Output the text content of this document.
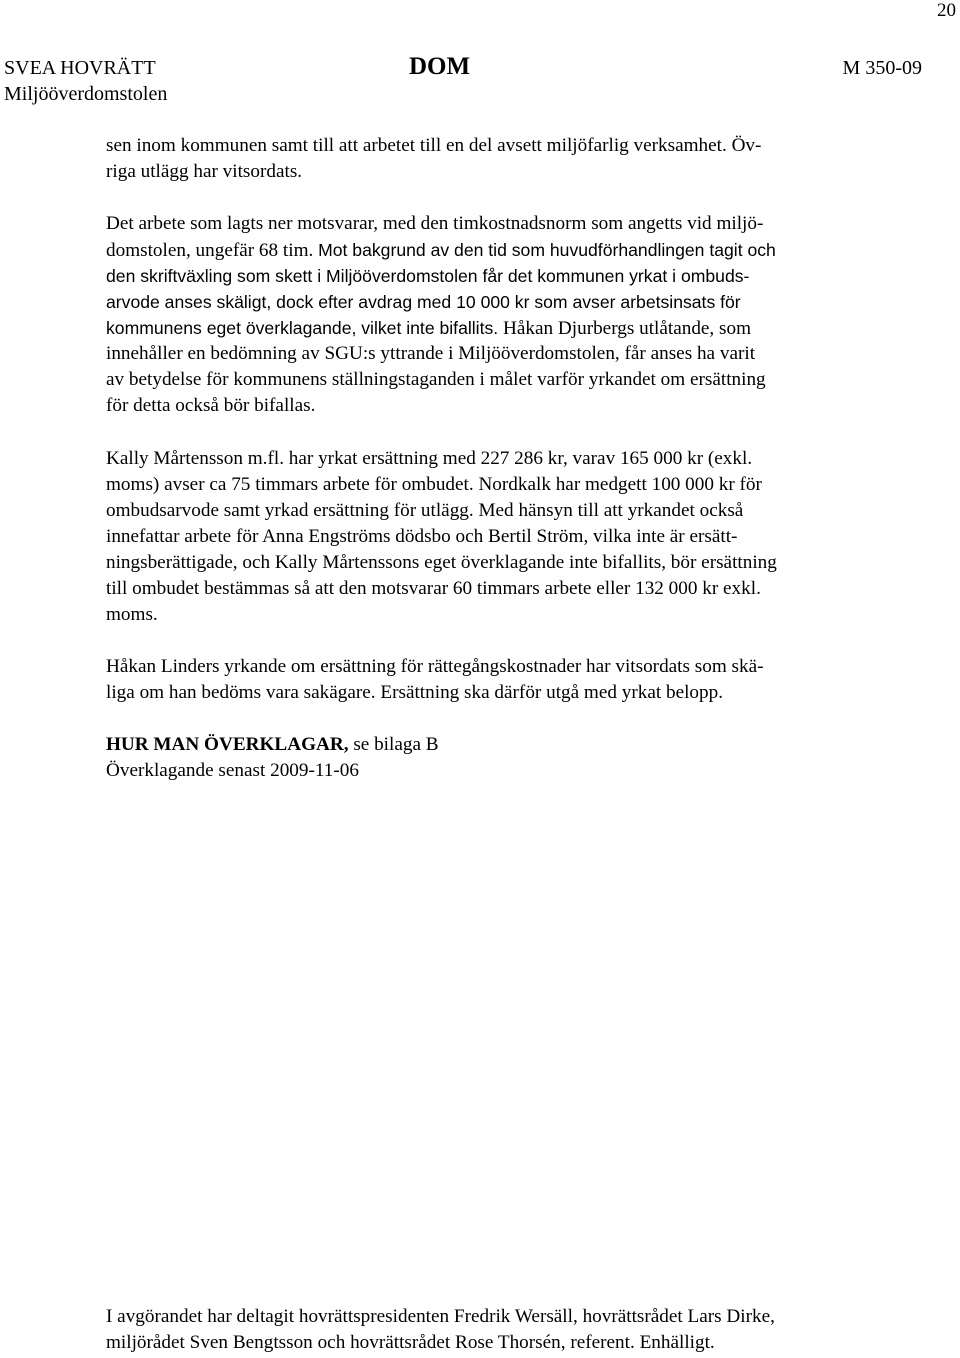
20
SVEA HOVRÄTT	DOM	M 350-09
Miljööverdomstolen
sen inom kommunen samt till att arbetet till en del avsett miljöfarlig verksamhet. Öv-
riga utlägg har vitsordats.
Det arbete som lagts ner motsvarar, med den timkostnadsnorm som angetts vid miljö-
domstolen, ungefär 68 tim. Mot bakgrund av den tid som huvudförhandlingen tagit och
den skriftväxling som skett i Miljööverdomstolen får det kommunen yrkat i ombuds-
arvode anses skäligt, dock efter avdrag med 10 000 kr som avser arbetsinsats för
kommunens eget överklagande, vilket inte bifallits. Håkan Djurbergs utlåtande, som
innehåller en bedömning av SGU:s yttrande i Miljööverdomstolen, får anses ha varit
av betydelse för kommunens ställningstaganden i målet varför yrkandet om ersättning
för detta också bör bifallas.
Kally Mårtensson m.fl. har yrkat ersättning med 227 286 kr, varav 165 000 kr (exkl.
moms) avser ca 75 timmars arbete för ombudet. Nordkalk har medgett 100 000 kr för
ombudsarvode samt yrkad ersättning för utlägg. Med hänsyn till att yrkandet också
innefattar arbete för Anna Engströms dödsbo och Bertil Ström, vilka inte är ersätt-
ningsberättigade, och Kally Mårtenssons eget överklagande inte bifallits, bör ersättning
till ombudet bestämmas så att den motsvarar 60 timmars arbete eller 132 000 kr exkl.
moms.
Håkan Linders yrkande om ersättning för rättegångskostnader har vitsordats som skä-
liga om han bedöms vara sakägare. Ersättning ska därför utgå med yrkat belopp.
HUR MAN ÖVERKLAGAR, se bilaga B
Överklagande senast 2009-11-06
I avgörandet har deltagit hovrättspresidenten Fredrik Wersäll, hovrättsrådet Lars Dirke,
miljörådet Sven Bengtsson och hovrättsrådet Rose Thorsén, referent. Enhälligt.
